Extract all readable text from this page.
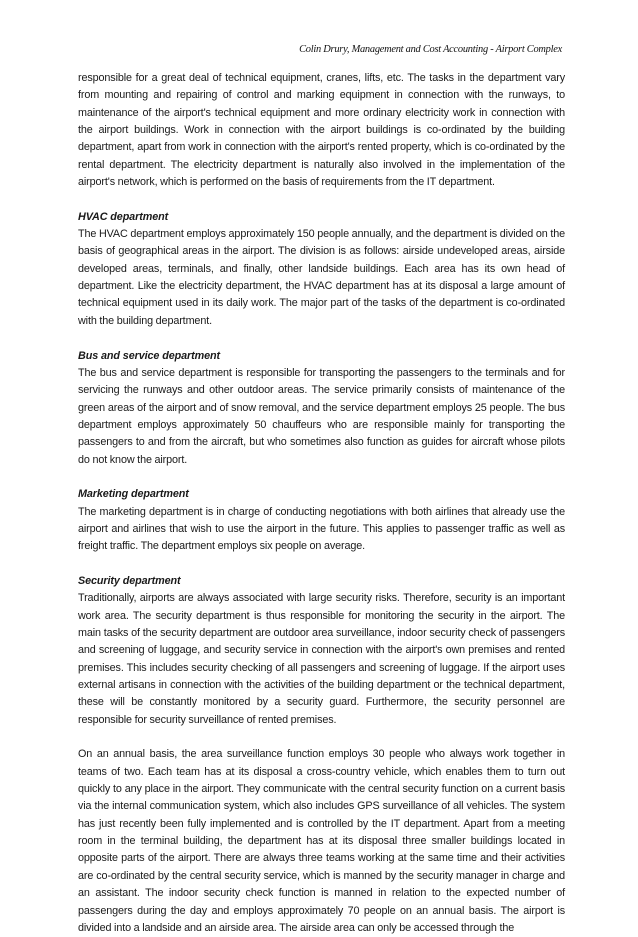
Colin Drury, Management and Cost Accounting - Airport Complex

responsible for a great deal of technical equipment, cranes, lifts, etc. The tasks in the department vary from mounting and repairing of control and marking equipment in connection with the runways, to maintenance of the airport's technical equipment and more ordinary electricity work in connection with the airport buildings. Work in connection with the airport buildings is co-ordinated by the building department, apart from work in connection with the airport's rented property, which is co-ordinated by the rental department. The electricity department is naturally also involved in the implementation of the airport's network, which is performed on the basis of requirements from the IT department.

HVAC department

The HVAC department employs approximately 150 people annually, and the department is divided on the basis of geographical areas in the airport. The division is as follows: airside undeveloped areas, airside developed areas, terminals, and finally, other landside buildings. Each area has its own head of department. Like the electricity department, the HVAC department has at its disposal a large amount of technical equipment used in its daily work. The major part of the tasks of the department is co-ordinated with the building department.

Bus and service department

The bus and service department is responsible for transporting the passengers to the terminals and for servicing the runways and other outdoor areas. The service primarily consists of maintenance of the green areas of the airport and of snow removal, and the service department employs 25 people. The bus department employs approximately 50 chauffeurs who are responsible mainly for transporting the passengers to and from the aircraft, but who sometimes also function as guides for aircraft whose pilots do not know the airport.

Marketing department

The marketing department is in charge of conducting negotiations with both airlines that already use the airport and airlines that wish to use the airport in the future. This applies to passenger traffic as well as freight traffic. The department employs six people on average.

Security department

Traditionally, airports are always associated with large security risks. Therefore, security is an important work area. The security department is thus responsible for monitoring the security in the airport. The main tasks of the security department are outdoor area surveillance, indoor security check of passengers and screening of luggage, and security service in connection with the airport's own premises and rented premises. This includes security checking of all passengers and screening of luggage. If the airport uses external artisans in connection with the activities of the building department or the technical department, these will be constantly monitored by a security guard. Furthermore, the security personnel are responsible for security surveillance of rented premises.

On an annual basis, the area surveillance function employs 30 people who always work together in teams of two. Each team has at its disposal a cross-country vehicle, which enables them to turn out quickly to any place in the airport. They communicate with the central security function on a current basis via the internal communication system, which also includes GPS surveillance of all vehicles. The system has just recently been fully implemented and is controlled by the IT department. Apart from a meeting room in the terminal building, the department has at its disposal three smaller buildings located in opposite parts of the airport. There are always three teams working at the same time and their activities are co-ordinated by the central security service, which is manned by the security manager in charge and an assistant. The indoor security check function is manned in relation to the expected number of passengers during the day and employs approximately 70 people on an annual basis. The airport is divided into a landside and an airside area. The airside area can only be accessed through the
